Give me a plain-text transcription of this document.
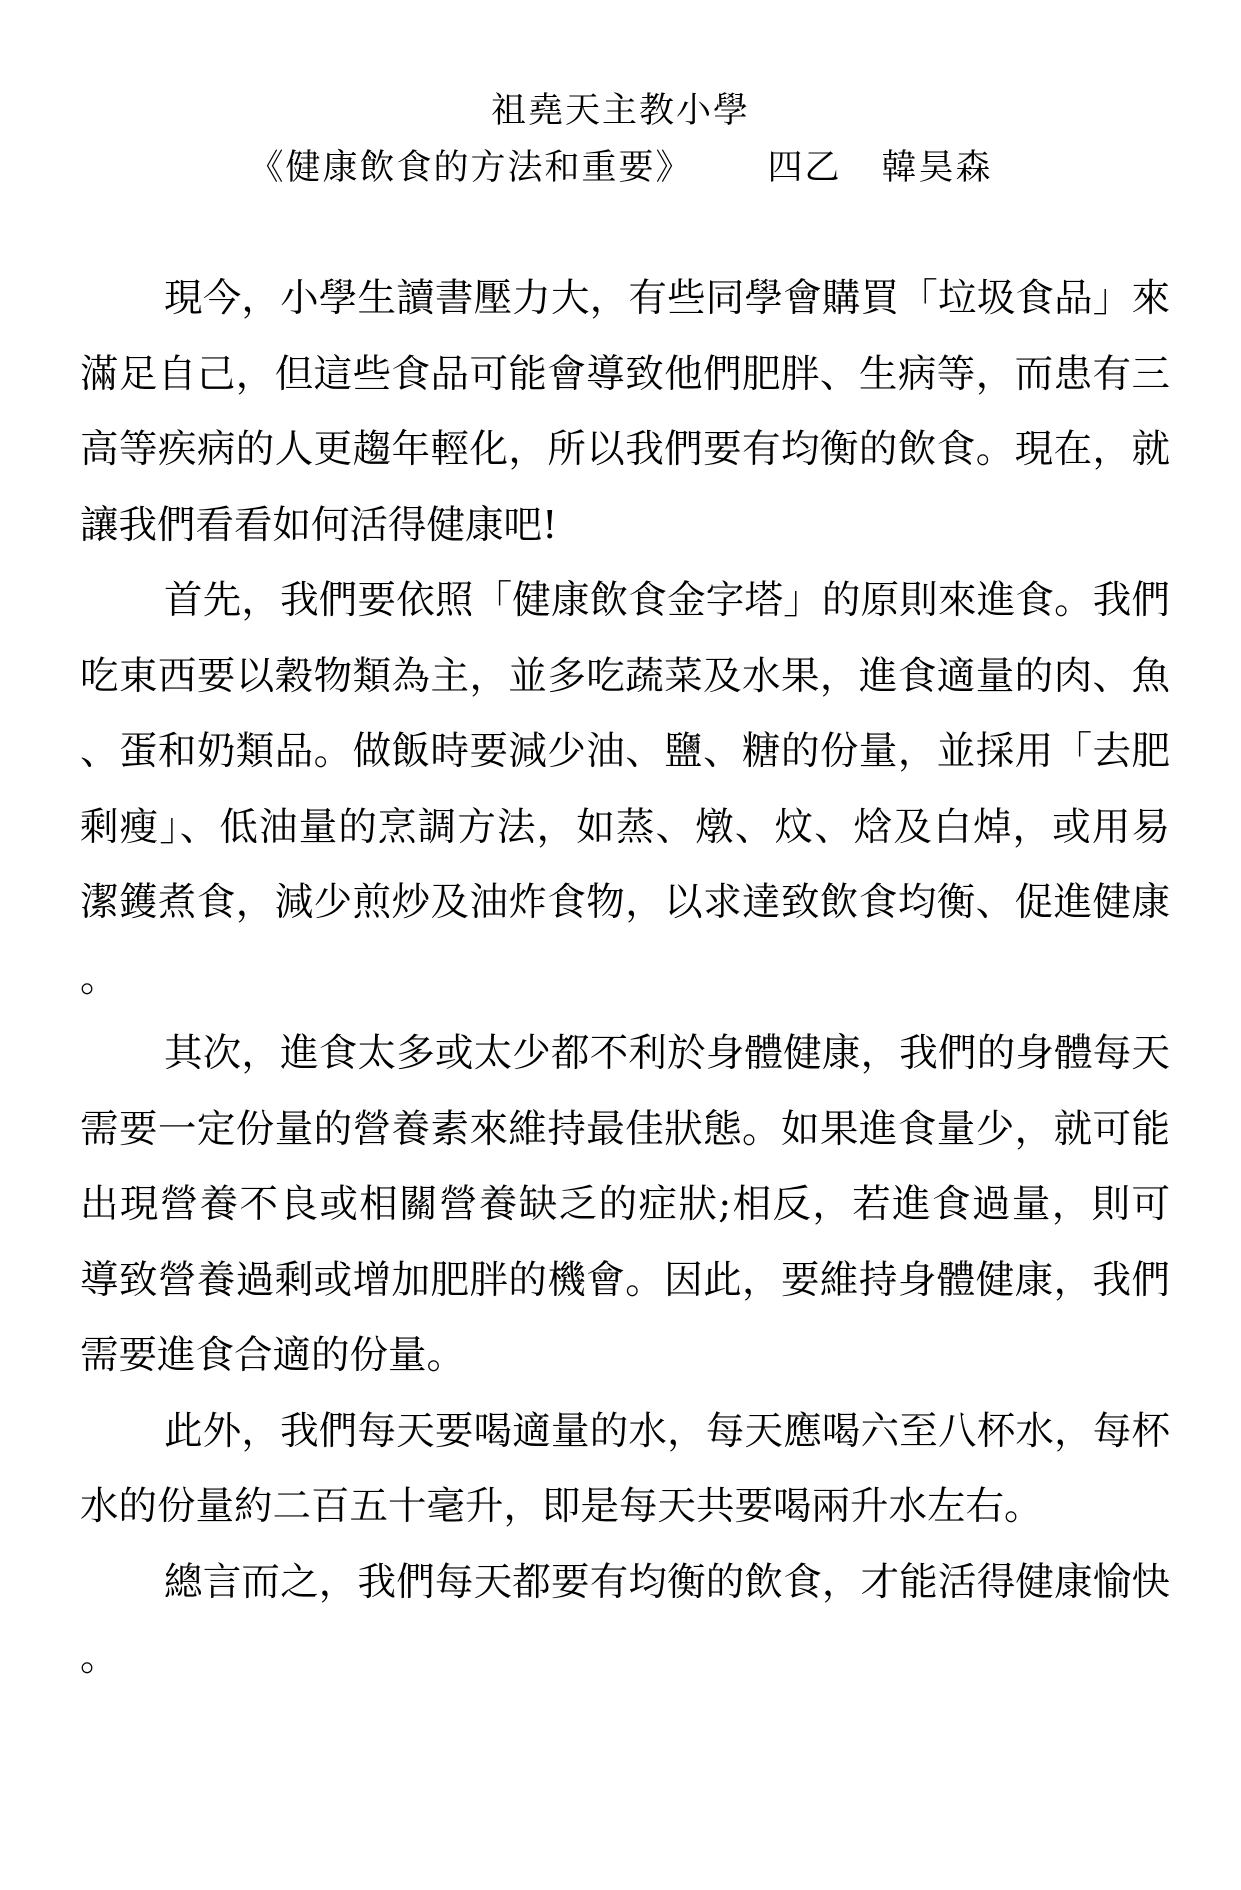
祖堯天主教小學
《健康飲食的方法和重要》 四乙 韓昊森

現今，小學生讀書壓力大，有些同學會購買「垃圾食品」來滿足自己，但這些食品可能會導致他們肥胖、生病等，而患有三高等疾病的人更趨年輕化，所以我們要有均衡的飲食。現在，就讓我們看看如何活得健康吧!

首先，我們要依照「健康飲食金字塔」的原則來進食。我們吃東西要以穀物類為主，並多吃蔬菜及水果，進食適量的肉、魚、蛋和奶類品。做飯時要減少油、鹽、糖的份量，並採用「去肥剩瘦」、低油量的烹調方法，如蒸、燉、炆、焓及白焯，或用易潔鑊煮食，減少煎炒及油炸食物，以求達致飲食均衡、促進健康。

其次，進食太多或太少都不利於身體健康，我們的身體每天需要一定份量的營養素來維持最佳狀態。如果進食量少，就可能出現營養不良或相關營養缺乏的症狀;相反，若進食過量，則可導致營養過剩或增加肥胖的機會。因此，要維持身體健康，我們需要進食合適的份量。

此外，我們每天要喝適量的水，每天應喝六至八杯水，每杯水的份量約二百五十毫升，即是每天共要喝兩升水左右。

總言而之，我們每天都要有均衡的飲食，才能活得健康愉快。
